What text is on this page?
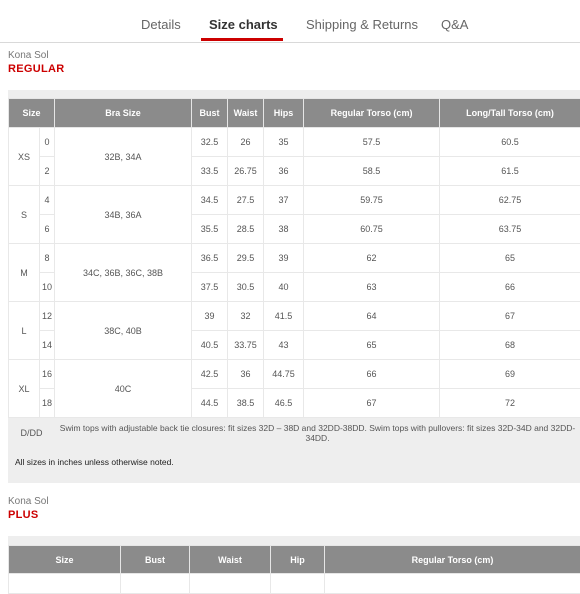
Details Size charts Shipping & Returns Q&A
Kona Sol
REGULAR
Size		Bra Size	Bust	Waist	Hips	Regular Torso (cm)	Long/Tall Torso (cm)
XS	0	32B, 34A	32.5	26	35	57.5	60.5
	2		33.5	26.75	36	58.5	61.5
S	4	34B, 36A	34.5	27.5	37	59.75	62.75
	6		35.5	28.5	38	60.75	63.75
M	8	34C, 36B, 36C, 38B	36.5	29.5	39	62	65
	10		37.5	30.5	40	63	66
L	12	38C, 40B	39	32	41.5	64	67
	14		40.5	33.75	43	65	68
XL	16	40C	42.5	36	44.75	66	69
	18		44.5	38.5	46.5	67	72
D/DD		Swim tops with adjustable back tie closures: fit sizes 32D – 38D and 32DD-38DD. Swim tops with pullovers: fit sizes 32D-34D and 32DD-34DD.					
All sizes in inches unless otherwise noted.
Kona Sol
PLUS
Size	Bust	Waist	Hip	Regular Torso (cm)
